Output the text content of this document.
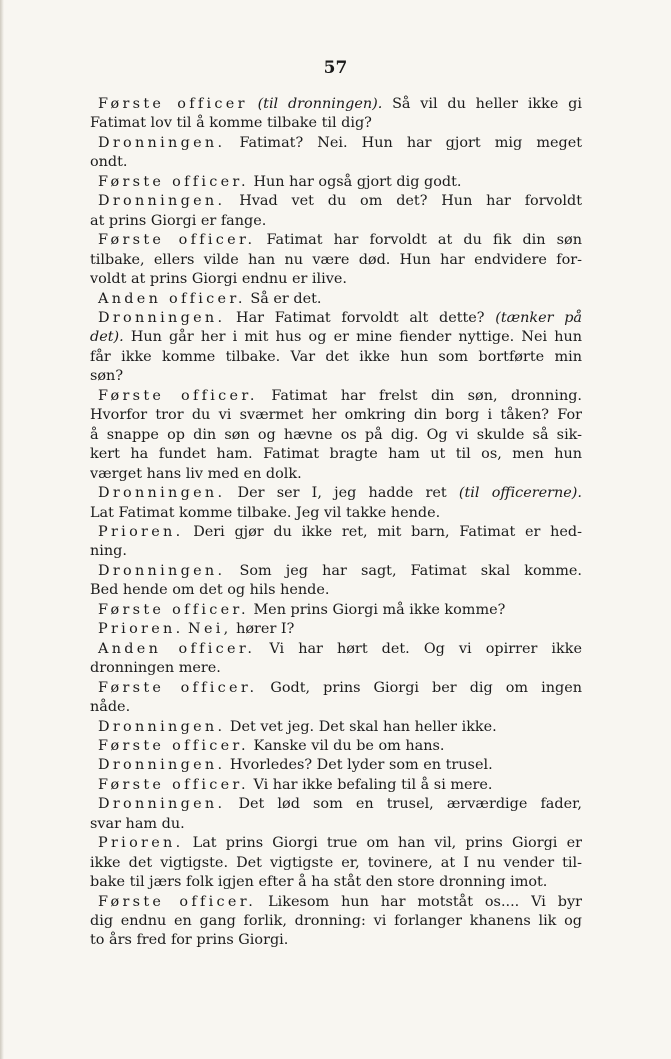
57
Første officer (til dronningen). Så vil du heller ikke gi
Fatimat lov til å komme tilbake til dig?
Dronningen. Fatimat? Nei. Hun har gjort mig meget
ondt.
Første officer. Hun har også gjort dig godt.
Dronningen. Hvad vet du om det? Hun har forvoldt
at prins Giorgi er fange.
Første officer. Fatimat har forvoldt at du fik din søn
tilbake, ellers vilde han nu være død. Hun har endvidere for-
voldt at prins Giorgi endnu er ilive.
Anden officer. Så er det.
Dronningen. Har Fatimat forvoldt alt dette? (tænker på
det). Hun går her i mit hus og er mine fiender nyttige. Nei hun
får ikke komme tilbake. Var det ikke hun som bortførte min
søn?
Første officer. Fatimat har frelst din søn, dronning.
Hvorfor tror du vi sværmet her omkring din borg i tåken? For
å snappe op din søn og hævne os på dig. Og vi skulde så sik-
kert ha fundet ham. Fatimat bragte ham ut til os, men hun
værget hans liv med en dolk.
Dronningen. Der ser I, jeg hadde ret (til officererne).
Lat Fatimat komme tilbake. Jeg vil takke hende.
Prioren. Deri gjør du ikke ret, mit barn, Fatimat er hed-
ning.
Dronningen. Som jeg har sagt, Fatimat skal komme.
Bed hende om det og hils hende.
Første officer. Men prins Giorgi må ikke komme?
Prioren. Nei, hører I?
Anden officer. Vi har hørt det. Og vi opirrer ikke
dronningen mere.
Første officer. Godt, prins Giorgi ber dig om ingen
nåde.
Dronningen. Det vet jeg. Det skal han heller ikke.
Første officer. Kanske vil du be om hans.
Dronningen. Hvorledes? Det lyder som en trusel.
Første officer. Vi har ikke befaling til å si mere.
Dronningen. Det lød som en trusel, ærværdige fader,
svar ham du.
Prioren. Lat prins Giorgi true om han vil, prins Giorgi er
ikke det vigtigste. Det vigtigste er, tovinere, at I nu vender til-
bake til jærs folk igjen efter å ha ståt den store dronning imot.
Første officer. Likesom hun har motståt os.... Vi byr
dig endnu en gang forlik, dronning: vi forlanger khanens lik og
to års fred for prins Giorgi.
